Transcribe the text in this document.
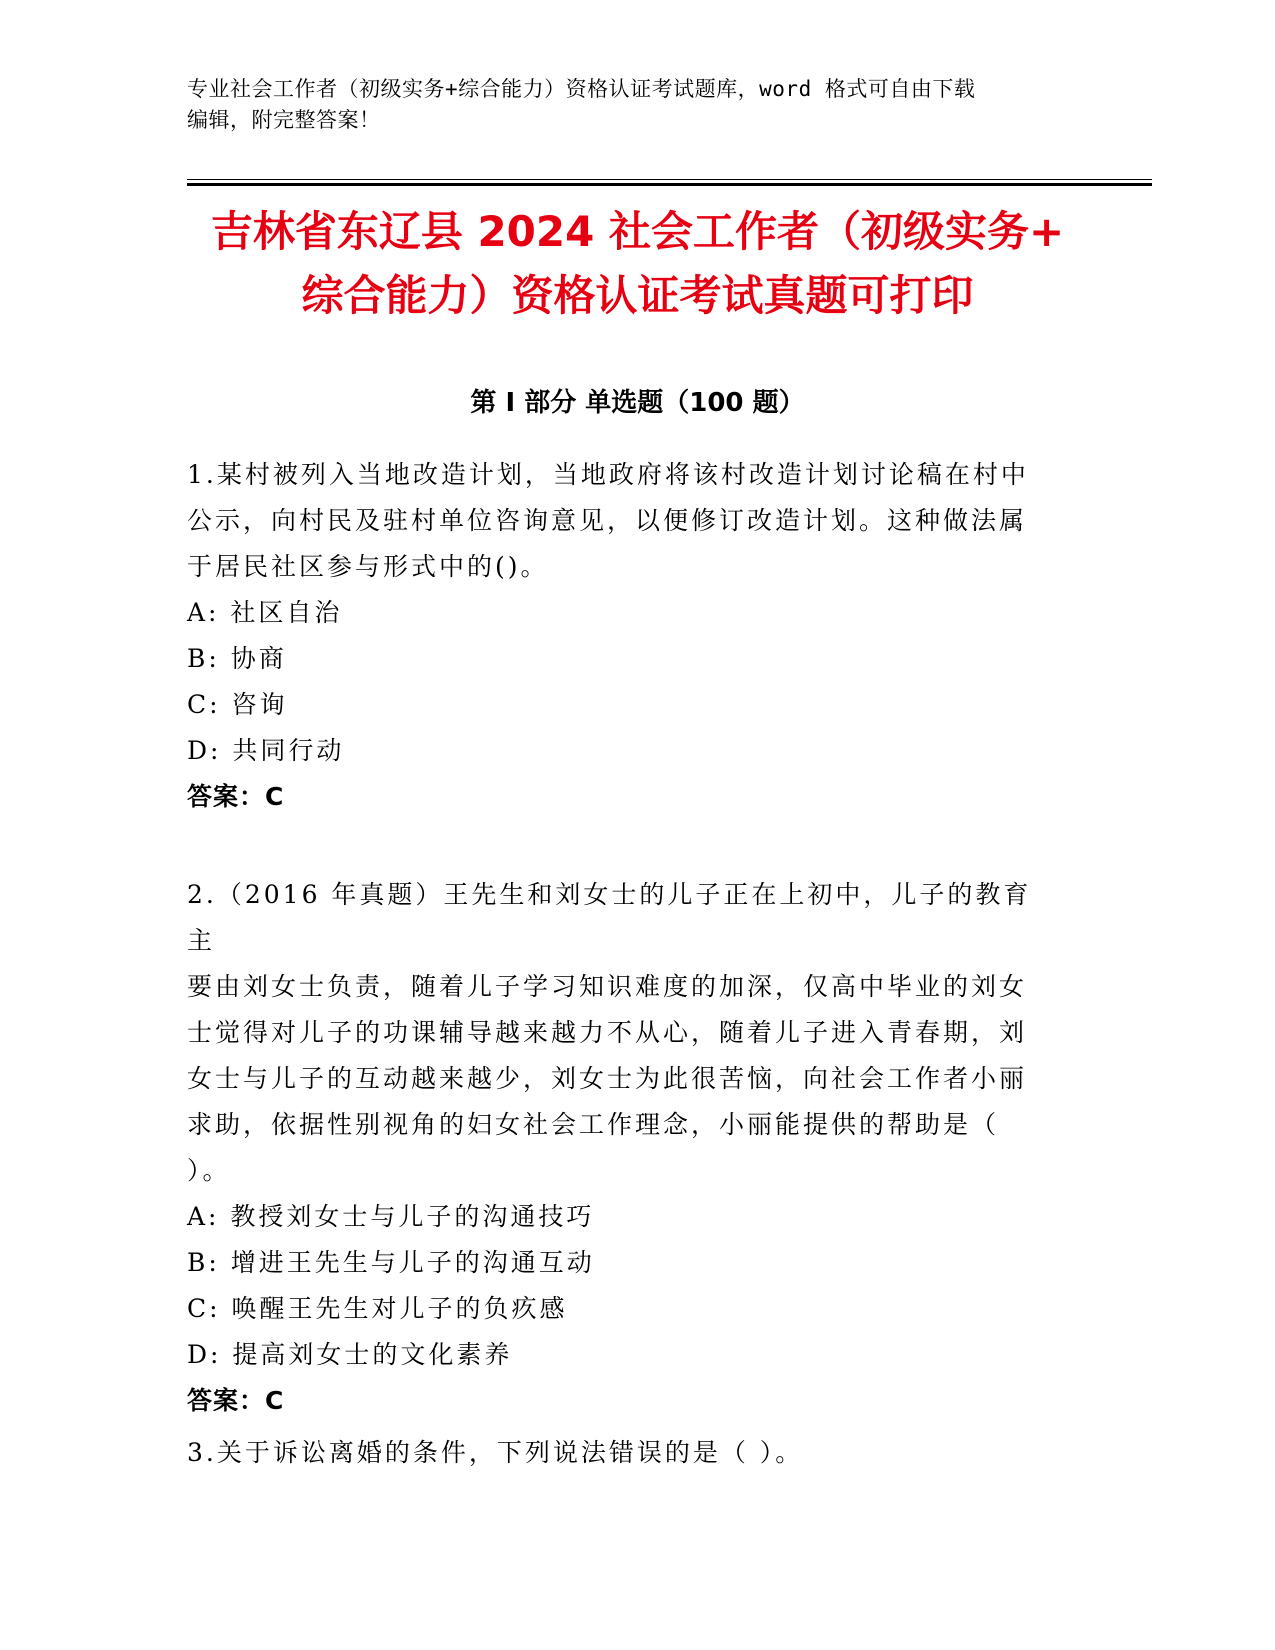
专业社会工作者（初级实务+综合能力）资格认证考试题库，word 格式可自由下载
编辑，附完整答案！
吉林省东辽县 2024 社会工作者（初级实务+
综合能力）资格认证考试真题可打印
第 I 部分 单选题（100 题）

1.某村被列入当地改造计划，当地政府将该村改造计划讨论稿在村中

公示，向村民及驻村单位咨询意见，以便修订改造计划。这种做法属

于居民社区参与形式中的()。

A: 社区自治

B: 协商

C: 咨询

D: 共同行动

答案：C

2.（2016 年真题）王先生和刘女士的儿子正在上初中，儿子的教育主

要由刘女士负责，随着儿子学习知识难度的加深，仅高中毕业的刘女

士觉得对儿子的功课辅导越来越力不从心，随着儿子进入青春期，刘

女士与儿子的互动越来越少，刘女士为此很苦恼，向社会工作者小丽

求助，依据性别视角的妇女社会工作理念，小丽能提供的帮助是（

）。

A: 教授刘女士与儿子的沟通技巧

B: 增进王先生与儿子的沟通互动

C: 唤醒王先生对儿子的负疚感

D: 提高刘女士的文化素养

答案：C

3.关于诉讼离婚的条件，下列说法错误的是（ ）。
